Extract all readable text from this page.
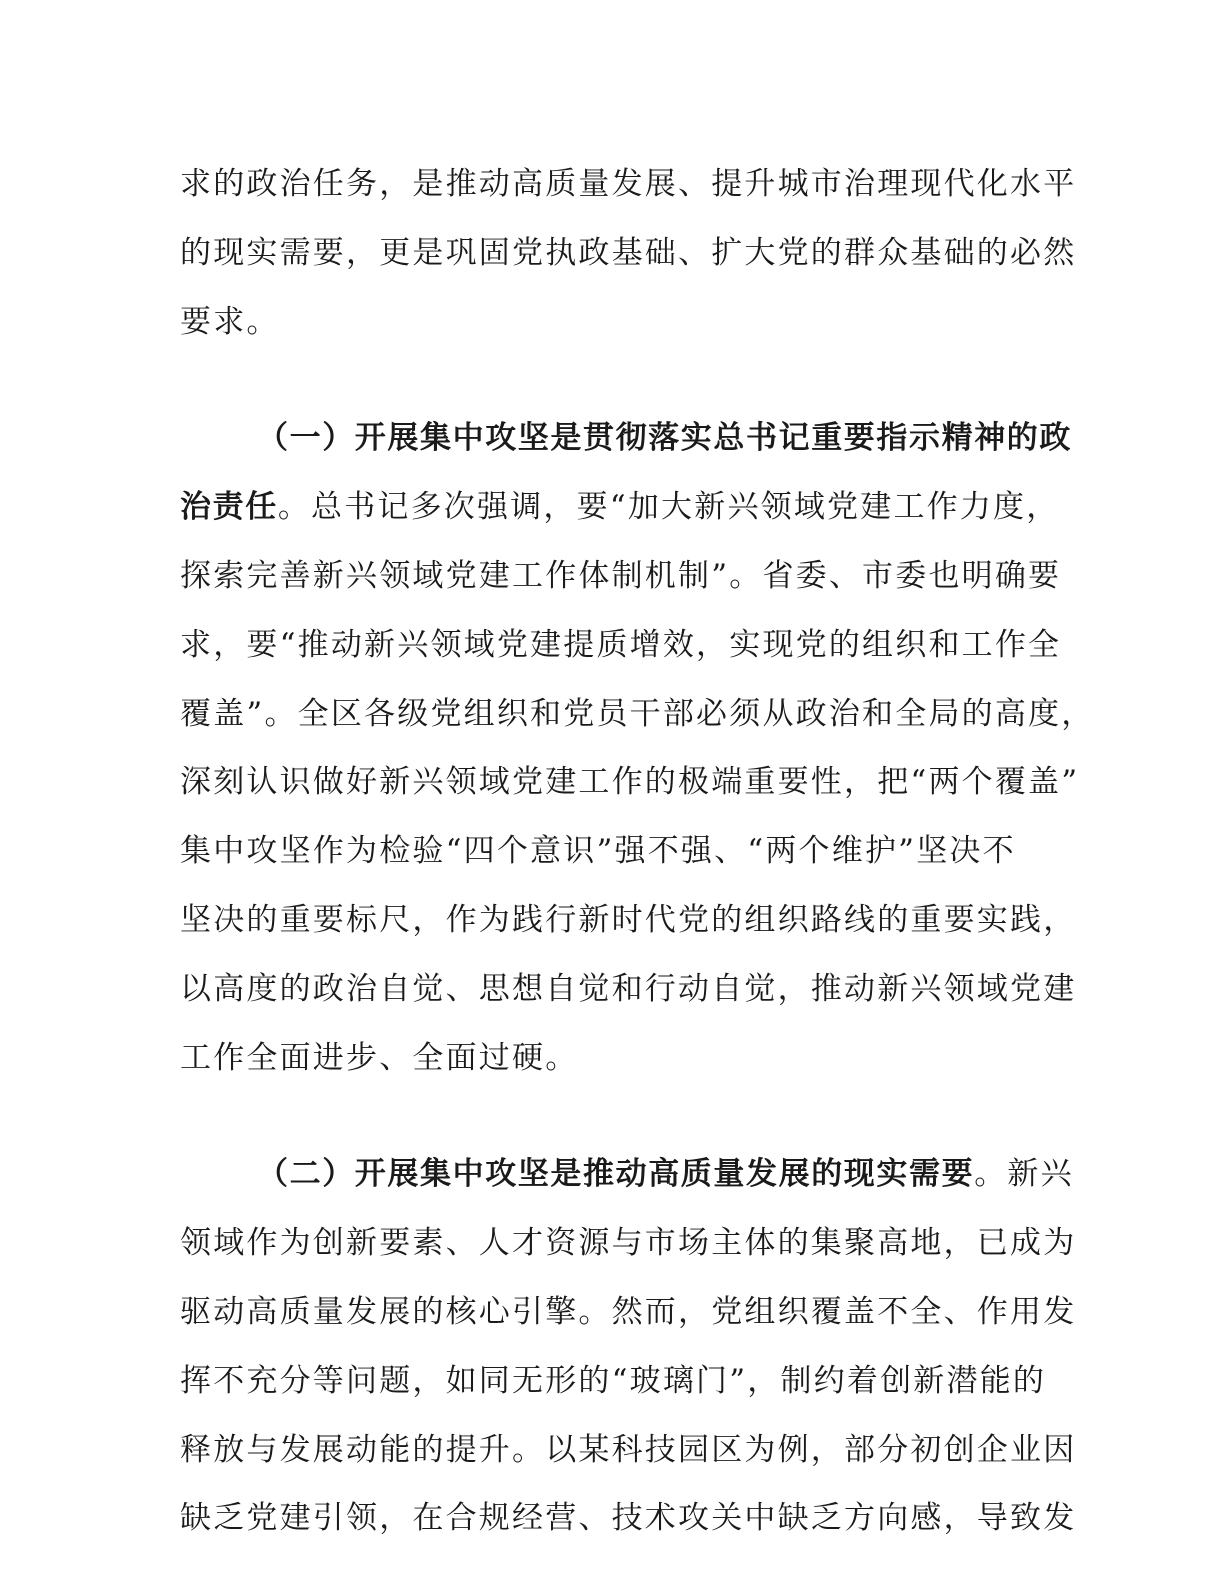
求的政治任务，是推动高质量发展、提升城市治理现代化水平
的现实需要，更是巩固党执政基础、扩大党的群众基础的必然
要求。
（一）开展集中攻坚是贯彻落实总书记重要指示精神的政
治责任。总书记多次强调，要“加大新兴领域党建工作力度，
探索完善新兴领域党建工作体制机制”。省委、市委也明确要
求，要“推动新兴领域党建提质增效，实现党的组织和工作全
覆盖”。全区各级党组织和党员干部必须从政治和全局的高度，
深刻认识做好新兴领域党建工作的极端重要性，把“两个覆盖”
集中攻坚作为检验“四个意识”强不强、“两个维护”坚决不
坚决的重要标尺，作为践行新时代党的组织路线的重要实践，
以高度的政治自觉、思想自觉和行动自觉，推动新兴领域党建
工作全面进步、全面过硬。
（二）开展集中攻坚是推动高质量发展的现实需要。新兴
领域作为创新要素、人才资源与市场主体的集聚高地，已成为
驱动高质量发展的核心引擎。然而，党组织覆盖不全、作用发
挥不充分等问题，如同无形的“玻璃门”，制约着创新潜能的
释放与发展动能的提升。以某科技园区为例，部分初创企业因
缺乏党建引领，在合规经营、技术攻关中缺乏方向感，导致发
